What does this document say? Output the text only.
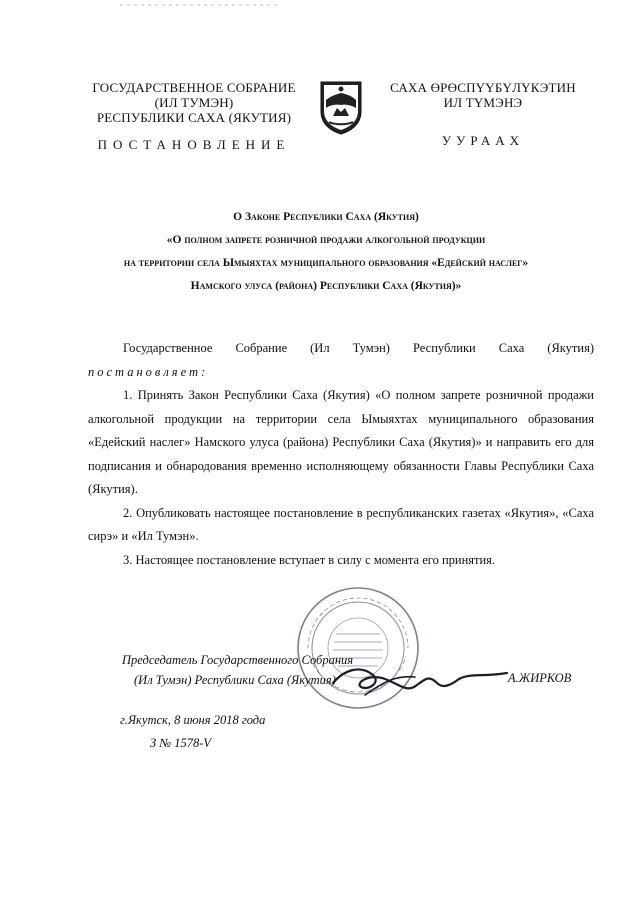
ГОСУДАРСТВЕННОЕ СОБРАНИЕ
(ИЛ ТУМЭН)
РЕСПУБЛИКИ САХА (ЯКУТИЯ)
САХА ӨРӨСПҮҮБҮЛҮКЭТИН
ИЛ ТҮМЭНЭ
ПОСТАНОВЛЕНИЕ	УУРААХ
О Законе Республики Саха (Якутия)
«О полном запрете розничной продажи алкогольной продукции
на территории села Ымыяхтах муниципального образования «Едейский наслег»
Намского улуса (района) Республики Саха (Якутия)»

Государственное Собрание (Ил Тумэн) Республики Саха (Якутия)

постановляет:

1. Принять Закон Республики Саха (Якутия) «О полном запрете розничной продажи алкогольной продукции на территории села Ымыяхтах муниципального образования «Едейский наслег» Намского улуса (района) Республики Саха (Якутия)» и направить его для подписания и обнародования временно исполняющему обязанности Главы Республики Саха (Якутия).

2. Опубликовать настоящее постановление в республиканских газетах «Якутия», «Саха сирэ» и «Ил Тумэн».

3. Настоящее постановление вступает в силу с момента его принятия.

Председатель Государственного Собрания
(Ил Тумэн) Республики Саха (Якутия)	А.ЖИРКОВ
г.Якутск, 8 июня 2018 года
З № 1578-V
